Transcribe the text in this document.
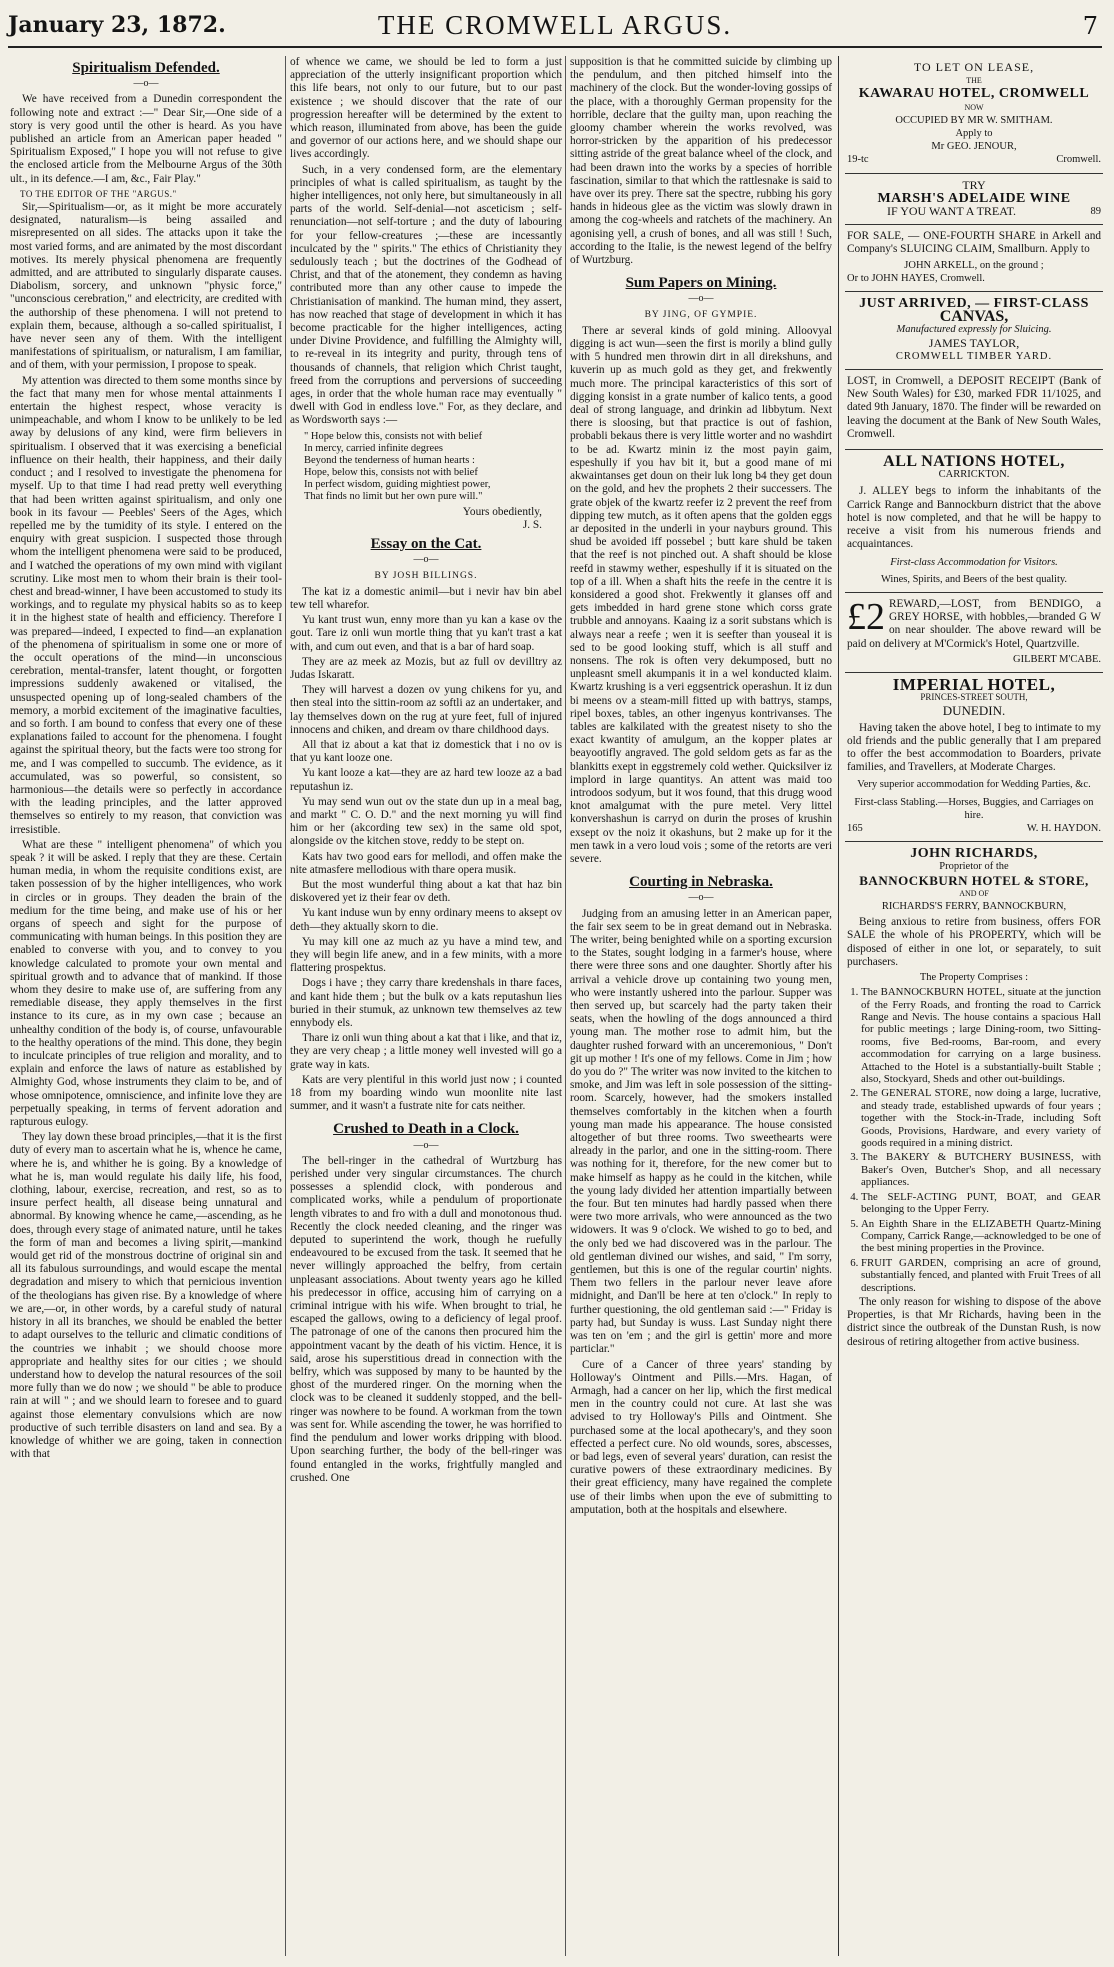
January 23, 1872.	THE CROMWELL ARGUS.	7
Spiritualism Defended.
—o—

We have received from a Dunedin correspondent the following note and extract :—" Dear Sir,—One side of a story is very good until the other is heard. As you have published an article from an American paper headed " Spiritualism Exposed," I hope you will not refuse to give the enclosed article from the Melbourne Argus of the 30th ult., in its defence.—I am, &c., Fair Play."

TO THE EDITOR OF THE "ARGUS."

Sir,—Spiritualism—or, as it might be more accurately designated, naturalism—is being assailed and misrepresented on all sides. The attacks upon it take the most varied forms, and are animated by the most discordant motives. Its merely physical phenomena are frequently admitted, and are attributed to singularly disparate causes. Diabolism, sorcery, and unknown "physic force," "unconscious cerebration," and electricity, are credited with the authorship of these phenomena. I will not pretend to explain them, because, although a so-called spiritualist, I have never seen any of them. With the intelligent manifestations of spiritualism, or naturalism, I am familiar, and of them, with your permission, I propose to speak.

My attention was directed to them some months since by the fact that many men for whose mental attainments I entertain the highest respect, whose veracity is unimpeachable, and whom I know to be unlikely to be led away by delusions of any kind, were firm believers in spiritualism. I observed that it was exercising a beneficial influence on their health, their happiness, and their daily conduct ; and I resolved to investigate the phenomena for myself. Up to that time I had read pretty well everything that had been written against spiritualism, and only one book in its favour — Peebles' Seers of the Ages, which repelled me by the tumidity of its style. I entered on the enquiry with great suspicion. I suspected those through whom the intelligent phenomena were said to be produced, and I watched the operations of my own mind with vigilant scrutiny. Like most men to whom their brain is their tool-chest and bread-winner, I have been accustomed to study its workings, and to regulate my physical habits so as to keep it in the highest state of health and efficiency. Therefore I was prepared—indeed, I expected to find—an explanation of the phenomena of spiritualism in some one or more of the occult operations of the mind—in unconscious cerebration, mental-transfer, latent thought, or forgotten impressions suddenly awakened or vitalised, the unsuspected opening up of long-sealed chambers of the memory, a morbid excitement of the imaginative faculties, and so forth. I am bound to confess that every one of these explanations failed to account for the phenomena. I fought against the spiritual theory, but the facts were too strong for me, and I was compelled to succumb. The evidence, as it accumulated, was so powerful, so consistent, so harmonious—the details were so perfectly in accordance with the leading principles, and the latter approved themselves so entirely to my reason, that conviction was irresistible.

What are these " intelligent phenomena" of which you speak ? it will be asked. I reply that they are these. Certain human media, in whom the requisite conditions exist, are taken possession of by the higher intelligences, who work in circles or in groups. They deaden the brain of the medium for the time being, and make use of his or her organs of speech and sight for the purpose of communicating with human beings. In this position they are enabled to converse with you, and to convey to you knowledge calculated to promote your own mental and spiritual growth and to advance that of mankind. If those whom they desire to make use of, are suffering from any remediable disease, they apply themselves in the first instance to its cure, as in my own case ; because an unhealthy condition of the body is, of course, unfavourable to the healthy operations of the mind. This done, they begin to inculcate principles of true religion and morality, and to explain and enforce the laws of nature as established by Almighty God, whose instruments they claim to be, and of whose omnipotence, omniscience, and infinite love they are perpetually speaking, in terms of fervent adoration and rapturous eulogy.

They lay down these broad principles,—that it is the first duty of every man to ascertain what he is, whence he came, where he is, and whither he is going. By a knowledge of what he is, man would regulate his daily life, his food, clothing, labour, exercise, recreation, and rest, so as to insure perfect health, all disease being unnatural and abnormal. By knowing whence he came,—ascending, as he does, through every stage of animated nature, until he takes the form of man and becomes a living spirit,—mankind would get rid of the monstrous doctrine of original sin and all its fabulous surroundings, and would escape the mental degradation and misery to which that pernicious invention of the theologians has given rise. By a knowledge of where we are,—or, in other words, by a careful study of natural history in all its branches, we should be enabled the better to adapt ourselves to the telluric and climatic conditions of the countries we inhabit ; we should choose more appropriate and healthy sites for our cities ; we should understand how to develop the natural resources of the soil more fully than we do now ; we should " be able to produce rain at will " ; and we should learn to foresee and to guard against those elementary convulsions which are now productive of such terrible disasters on land and sea. By a knowledge of whither we are going, taken in connection with that

of whence we came, we should be led to form a just appreciation of the utterly insignificant proportion which this life bears, not only to our future, but to our past existence ; we should discover that the rate of our progression hereafter will be determined by the extent to which reason, illuminated from above, has been the guide and governor of our actions here, and we should shape our lives accordingly.

Such, in a very condensed form, are the elementary principles of what is called spiritualism, as taught by the higher intelligences, not only here, but simultaneously in all parts of the world. Self-denial—not asceticism ; self-renunciation—not self-torture ; and the duty of labouring for your fellow-creatures ;—these are incessantly inculcated by the " spirits." The ethics of Christianity they sedulously teach ; but the doctrines of the Godhead of Christ, and that of the atonement, they condemn as having contributed more than any other cause to impede the Christianisation of mankind. The human mind, they assert, has now reached that stage of development in which it has become practicable for the higher intelligences, acting under Divine Providence, and fulfilling the Almighty will, to re-reveal in its integrity and purity, through tens of thousands of channels, that religion which Christ taught, freed from the corruptions and perversions of succeeding ages, in order that the whole human race may eventually " dwell with God in endless love." For, as they declare, and as Wordsworth says :—

" Hope below this, consists not with belief
In mercy, carried infinite degrees
Beyond the tenderness of human hearts :
Hope, below this, consists not with belief
In perfect wisdom, guiding mightiest power,
That finds no limit but her own pure will."
Yours obediently,
J. S.
Essay on the Cat.
—o—
BY JOSH BILLINGS.

The kat iz a domestic animil—but i nevir hav bin abel tew tell wharefor.

Yu kant trust wun, enny more than yu kan a kase ov the gout. Tare iz onli wun mortle thing that yu kan't trast a kat with, and cum out even, and that is a bar of hard soap.

They are az meek az Mozis, but az full ov devilltry az Judas Iskaratt.

They will harvest a dozen ov yung chikens for yu, and then steal into the sittin-room az softli az an undertaker, and lay themselves down on the rug at yure feet, full of injured innocens and chiken, and dream ov thare childhood days.

All that iz about a kat that iz domestick that i no ov is that yu kant looze one.

Yu kant looze a kat—they are az hard tew looze az a bad reputashun iz.

Yu may send wun out ov the state dun up in a meal bag, and markt " C. O. D." and the next morning yu will find him or her (akcording tew sex) in the same old spot, alongside ov the kitchen stove, reddy to be stept on.

Kats hav two good ears for mellodi, and offen make the nite atmasfere mellodious with thare opera musik.

But the most wunderful thing about a kat that haz bin diskovered yet iz their fear ov deth.

Yu kant induse wun by enny ordinary meens to aksept ov deth—they aktually skorn to die.

Yu may kill one az much az yu have a mind tew, and they will begin life anew, and in a few minits, with a more flattering prospektus.

Dogs i have ; they carry thare kredenshals in thare faces, and kant hide them ; but the bulk ov a kats reputashun lies buried in their stumuk, az unknown tew themselves az tew ennybody els.

Thare iz onli wun thing about a kat that i like, and that iz, they are very cheap ; a little money well invested will go a grate way in kats.

Kats are very plentiful in this world just now ; i counted 18 from my boarding windo wun moonlite nite last summer, and it wasn't a fustrate nite for cats neither.

Crushed to Death in a Clock.
—o—

The bell-ringer in the cathedral of Wurtzburg has perished under very singular circumstances. The church possesses a splendid clock, with ponderous and complicated works, while a pendulum of proportionate length vibrates to and fro with a dull and monotonous thud. Recently the clock needed cleaning, and the ringer was deputed to superintend the work, though he ruefully endeavoured to be excused from the task. It seemed that he never willingly approached the belfry, from certain unpleasant associations. About twenty years ago he killed his predecessor in office, accusing him of carrying on a criminal intrigue with his wife. When brought to trial, he escaped the gallows, owing to a deficiency of legal proof. The patronage of one of the canons then procured him the appointment vacant by the death of his victim. Hence, it is said, arose his superstitious dread in connection with the belfry, which was supposed by many to be haunted by the ghost of the murdered ringer. On the morning when the clock was to be cleaned it suddenly stopped, and the bell-ringer was nowhere to be found. A workman from the town was sent for. While ascending the tower, he was horrified to find the pendulum and lower works dripping with blood. Upon searching further, the body of the bell-ringer was found entangled in the works, frightfully mangled and crushed. One

supposition is that he committed suicide by climbing up the pendulum, and then pitched himself into the machinery of the clock. But the wonder-loving gossips of the place, with a thoroughly German propensity for the horrible, declare that the guilty man, upon reaching the gloomy chamber wherein the works revolved, was horror-stricken by the apparition of his predecessor sitting astride of the great balance wheel of the clock, and had been drawn into the works by a species of horrible fascination, similar to that which the rattlesnake is said to have over its prey. There sat the spectre, rubbing his gory hands in hideous glee as the victim was slowly drawn in among the cog-wheels and ratchets of the machinery. An agonising yell, a crush of bones, and all was still ! Such, according to the Italie, is the newest legend of the belfry of Wurtzburg.

Sum Papers on Mining.
—o—
BY JING, OF GYMPIE.

There ar several kinds of gold mining. Alloovyal digging is act wun—seen the first is morily a blind gully with 5 hundred men throwin dirt in all direkshuns, and kuverin up as much gold as they get, and frekwently much more. The principal karacteristics of this sort of digging konsist in a grate number of kalico tents, a good deal of strong language, and drinkin ad libbytum. Next there is sloosing, but that practice is out of fashion, probabli bekaus there is very little worter and no washdirt to be ad. Kwartz minin iz the most payin gaim, espeshully if you hav bit it, but a good mane of mi akwaintanses get doun on their luk long b4 they get doun on the gold, and hev the prophets 2 their successers. The grate objek of the kwartz reefer iz 2 prevent the reef from dipping tew mutch, as it often apens that the golden eggs ar deposited in the underli in your nayburs ground. This shud be avoided iff possebel ; butt kare shuld be taken that the reef is not pinched out. A shaft should be klose reefd in stawmy wether, espeshully if it is situated on the top of a ill. When a shaft hits the reefe in the centre it is konsidered a good shot. Frekwently it glanses off and gets imbedded in hard grene stone which corss grate trubble and annoyans. Kaaing iz a sorit substans which is always near a reefe ; wen it is seefter than youseal it is sed to be good looking stuff, which is all stuff and nonsens. The rok is often very dekumposed, butt no unpleasnt smell akumpanis it in a wel konducted klaim. Kwartz krushing is a veri eggsentrick operashun. It iz dun bi meens ov a steam-mill fitted up with battrys, stamps, ripel boxes, tables, an other ingenyus kontrivanses. The tables are kalkilated with the greatest nisety to sho the exact kwantity of amulgum, an the kopper plates ar beayootifly angraved. The gold seldom gets as far as the blankitts exept in eggstremely cold wether. Quicksilver iz implord in large quantitys. An attent was maid too introdoos sodyum, but it wos found, that this drugg wood knot amalgumat with the pure metel. Very littel konvershashun is carryd on durin the proses of krushin exsept ov the noiz it okashuns, but 2 make up for it the men tawk in a vero loud vois ; some of the retorts are veri severe.

Courting in Nebraska.
—o—

Judging from an amusing letter in an American paper, the fair sex seem to be in great demand out in Nebraska. The writer, being benighted while on a sporting excursion to the States, sought lodging in a farmer's house, where there were three sons and one daughter. Shortly after his arrival a vehicle drove up containing two young men, who were instantly ushered into the parlour. Supper was then served up, but scarcely had the party taken their seats, when the howling of the dogs announced a third young man. The mother rose to admit him, but the daughter rushed forward with an unceremonious, " Don't git up mother ! It's one of my fellows. Come in Jim ; how do you do ?" The writer was now invited to the kitchen to smoke, and Jim was left in sole possession of the sitting-room. Scarcely, however, had the smokers installed themselves comfortably in the kitchen when a fourth young man made his appearance. The house consisted altogether of but three rooms. Two sweethearts were already in the parlor, and one in the sitting-room. There was nothing for it, therefore, for the new comer but to make himself as happy as he could in the kitchen, while the young lady divided her attention impartially between the four. But ten minutes had hardly passed when there were two more arrivals, who were announced as the two widowers. It was 9 o'clock. We wished to go to bed, and the only bed we had discovered was in the parlour. The old gentleman divined our wishes, and said, " I'm sorry, gentlemen, but this is one of the regular courtin' nights. Them two fellers in the parlour never leave afore midnight, and Dan'll be here at ten o'clock." In reply to further questioning, the old gentleman said :—" Friday is party had, but Sunday is wuss. Last Sunday night there was ten on 'em ; and the girl is gettin' more and more particlar."

Cure of a Cancer of three years' standing by Holloway's Ointment and Pills.—Mrs. Hagan, of Armagh, had a cancer on her lip, which the first medical men in the country could not cure. At last she was advised to try Holloway's Pills and Ointment. She purchased some at the local apothecary's, and they soon effected a perfect cure. No old wounds, sores, abscesses, or bad legs, even of several years' duration, can resist the curative powers of these extraordinary medicines. By their great efficiency, many have regained the complete use of their limbs when upon the eve of submitting to amputation, both at the hospitals and elsewhere.

TO LET ON LEASE,
THE
KAWARAU HOTEL, CROMWELL
NOW
OCCUPIED BY MR W. SMITHAM.
Apply to
Mr GEO. JENOUR,
19-tc	Cromwell.
TRY
MARSH'S ADELAIDE WINE
IF YOU WANT A TREAT.	89

FOR SALE, — ONE-FOURTH SHARE in Arkell and Company's SLUICING CLAIM, Smallburn. Apply to

JOHN ARKELL, on the ground ;
Or to JOHN HAYES, Cromwell.
JUST ARRIVED, — FIRST-CLASS
CANVAS,
Manufactured expressly for Sluicing.
JAMES TAYLOR,
CROMWELL TIMBER YARD.

LOST, in Cromwell, a DEPOSIT RECEIPT (Bank of New South Wales) for £30, marked FDR 11/1025, and dated 9th January, 1870. The finder will be rewarded on leaving the document at the Bank of New South Wales, Cromwell.

ALL NATIONS HOTEL,
CARRICKTON.

J. ALLEY begs to inform the inhabitants of the Carrick Range and Bannockburn district that the above hotel is now completed, and that he will be happy to receive a visit from his numerous friends and acquaintances.

First-class Accommodation for Visitors.
Wines, Spirits, and Beers of the best quality.

£2 REWARD,—LOST, from BENDIGO, a GREY HORSE, with hobbles,—branded G W on near shoulder. The above reward will be paid on delivery at M'Cormick's Hotel, Quartzville.

GILBERT M'CABE.
IMPERIAL HOTEL,
PRINCES-STREET SOUTH,
DUNEDIN.

Having taken the above hotel, I beg to intimate to my old friends and the public generally that I am prepared to offer the best accommodation to Boarders, private families, and Travellers, at Moderate Charges.

Very superior accommodation for Wedding Parties, &c.
First-class Stabling.—Horses, Buggies, and Carriages on hire.
165	W. H. HAYDON.
JOHN RICHARDS,
Proprietor of the
BANNOCKBURN HOTEL & STORE,
AND OF
RICHARDS'S FERRY, BANNOCKBURN,

Being anxious to retire from business, offers FOR SALE the whole of his PROPERTY, which will be disposed of either in one lot, or separately, to suit purchasers.

The Property Comprises :
1. The BANNOCKBURN HOTEL, situate at the junction of the Ferry Roads, and fronting the road to Carrick Range and Nevis. The house contains a spacious Hall for public meetings ; large Dining-room, two Sitting-rooms, five Bed-rooms, Bar-room, and every accommodation for carrying on a large business. Attached to the Hotel is a substantially-built Stable ; also, Stockyard, Sheds and other out-buildings.
2. The GENERAL STORE, now doing a large, lucrative, and steady trade, established upwards of four years ; together with the Stock-in-Trade, including Soft Goods, Provisions, Hardware, and every variety of goods required in a mining district.
3. The BAKERY & BUTCHERY BUSINESS, with Baker's Oven, Butcher's Shop, and all necessary appliances.
4. The SELF-ACTING PUNT, BOAT, and GEAR belonging to the Upper Ferry.
5. An Eighth Share in the ELIZABETH Quartz-Mining Company, Carrick Range,—acknowledged to be one of the best mining properties in the Province.
6. FRUIT GARDEN, comprising an acre of ground, substantially fenced, and planted with Fruit Trees of all descriptions.

The only reason for wishing to dispose of the above Properties, is that Mr Richards, having been in the district since the outbreak of the Dunstan Rush, is now desirous of retiring altogether from active business.
